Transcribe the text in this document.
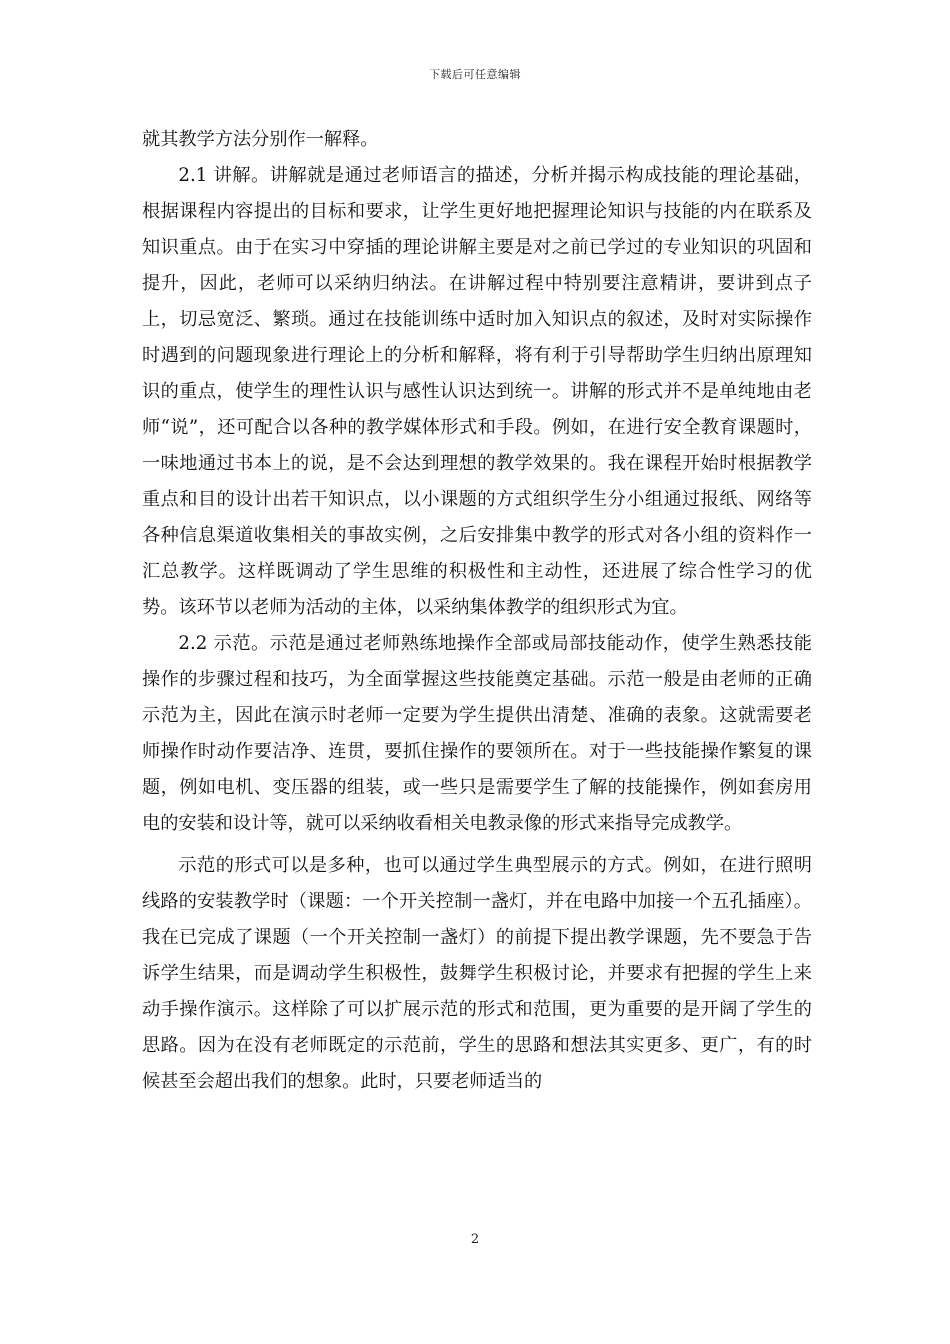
下载后可任意编辑

就其教学方法分别作一解释。

2.1 讲解。讲解就是通过老师语言的描述，分析并揭示构成技能的理论基础，根据课程内容提出的目标和要求，让学生更好地把握理论知识与技能的内在联系及知识重点。由于在实习中穿插的理论讲解主要是对之前已学过的专业知识的巩固和提升，因此，老师可以采纳归纳法。在讲解过程中特别要注意精讲，要讲到点子上，切忌宽泛、繁琐。通过在技能训练中适时加入知识点的叙述，及时对实际操作时遇到的问题现象进行理论上的分析和解释，将有利于引导帮助学生归纳出原理知识的重点，使学生的理性认识与感性认识达到统一。讲解的形式并不是单纯地由老师“说”，还可配合以各种的教学媒体形式和手段。例如，在进行安全教育课题时，一味地通过书本上的说，是不会达到理想的教学效果的。我在课程开始时根据教学重点和目的设计出若干知识点，以小课题的方式组织学生分小组通过报纸、网络等各种信息渠道收集相关的事故实例，之后安排集中教学的形式对各小组的资料作一汇总教学。这样既调动了学生思维的积极性和主动性，还进展了综合性学习的优势。该环节以老师为活动的主体，以采纳集体教学的组织形式为宜。

2.2 示范。示范是通过老师熟练地操作全部或局部技能动作，使学生熟悉技能操作的步骤过程和技巧，为全面掌握这些技能奠定基础。示范一般是由老师的正确示范为主，因此在演示时老师一定要为学生提供出清楚、准确的表象。这就需要老师操作时动作要洁净、连贯，要抓住操作的要领所在。对于一些技能操作繁复的课题，例如电机、变压器的组装，或一些只是需要学生了解的技能操作，例如套房用电的安装和设计等，就可以采纳收看相关电教录像的形式来指导完成教学。

示范的形式可以是多种，也可以通过学生典型展示的方式。例如，在进行照明线路的安装教学时（课题：一个开关控制一盏灯，并在电路中加接一个五孔插座）。我在已完成了课题（一个开关控制一盏灯）的前提下提出教学课题，先不要急于告诉学生结果，而是调动学生积极性，鼓舞学生积极讨论，并要求有把握的学生上来动手操作演示。这样除了可以扩展示范的形式和范围，更为重要的是开阔了学生的思路。因为在没有老师既定的示范前，学生的思路和想法其实更多、更广，有的时候甚至会超出我们的想象。此时，只要老师适当的

2
